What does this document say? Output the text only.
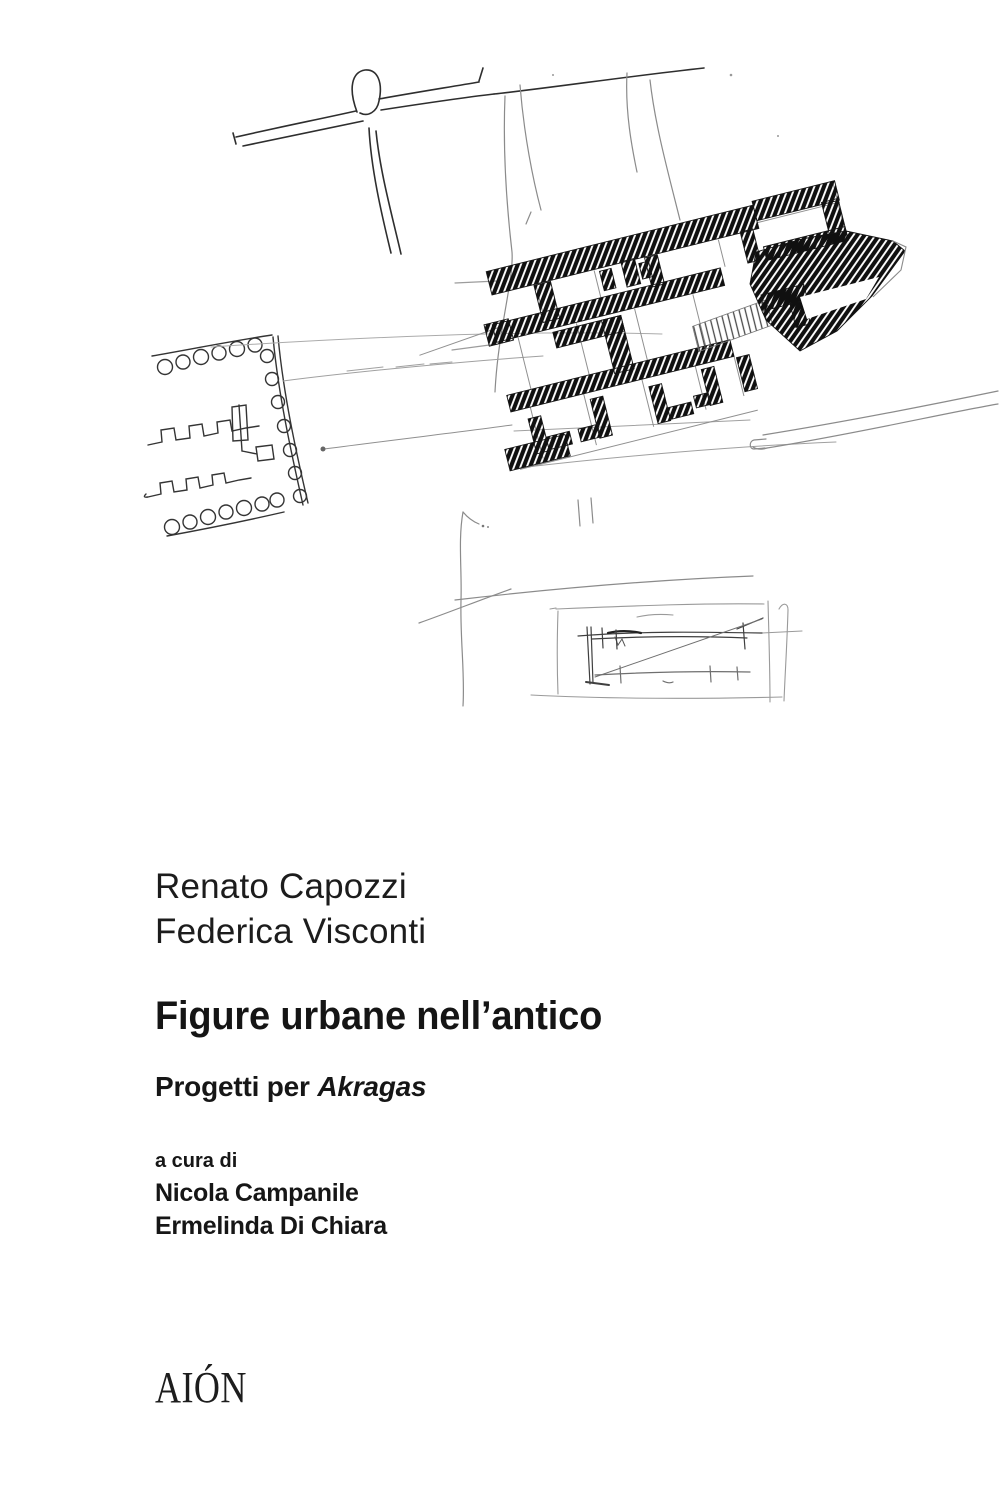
Renato Capozzi
Federica Visconti
Figure urbane nell’antico
Progetti per Akragas
a cura di
Nicola Campanile
Ermelinda Di Chiara
AIÓN
